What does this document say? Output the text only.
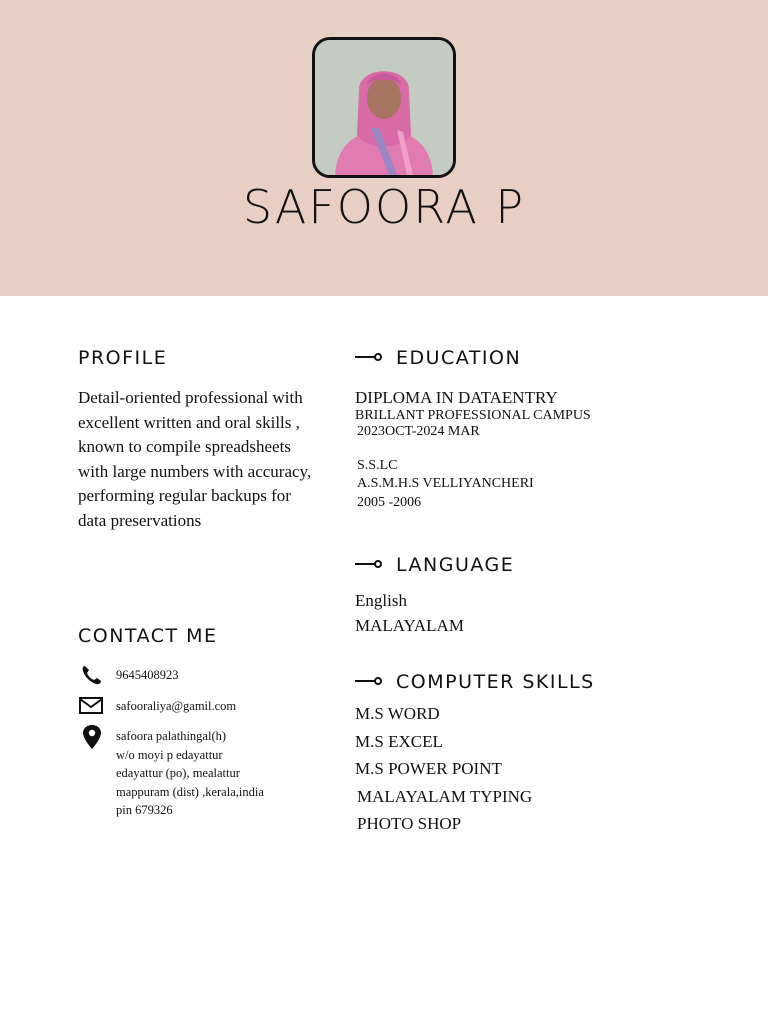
SAFOORA P
PROFILE
Detail-oriented professional with excellent written and oral skills , known to compile spreadsheets with large numbers with accuracy, performing regular backups for data preservations
CONTACT ME
9645408923
safooraliya@gamil.com
safoora palathingal(h)
w/o moyi p edayattur
edayattur (po), mealattur
mappuram (dist) ,kerala,india
pin 679326
EDUCATION
DIPLOMA IN DATAENTRY
BRILLANT PROFESSIONAL CAMPUS
2023OCT-2024 MAR
S.S.LC
A.S.M.H.S VELLIYANCHERI
2005 -2006
LANGUAGE
English
MALAYALAM
COMPUTER SKILLS
M.S WORD
M.S EXCEL
M.S POWER POINT
MALAYALAM TYPING
PHOTO SHOP
